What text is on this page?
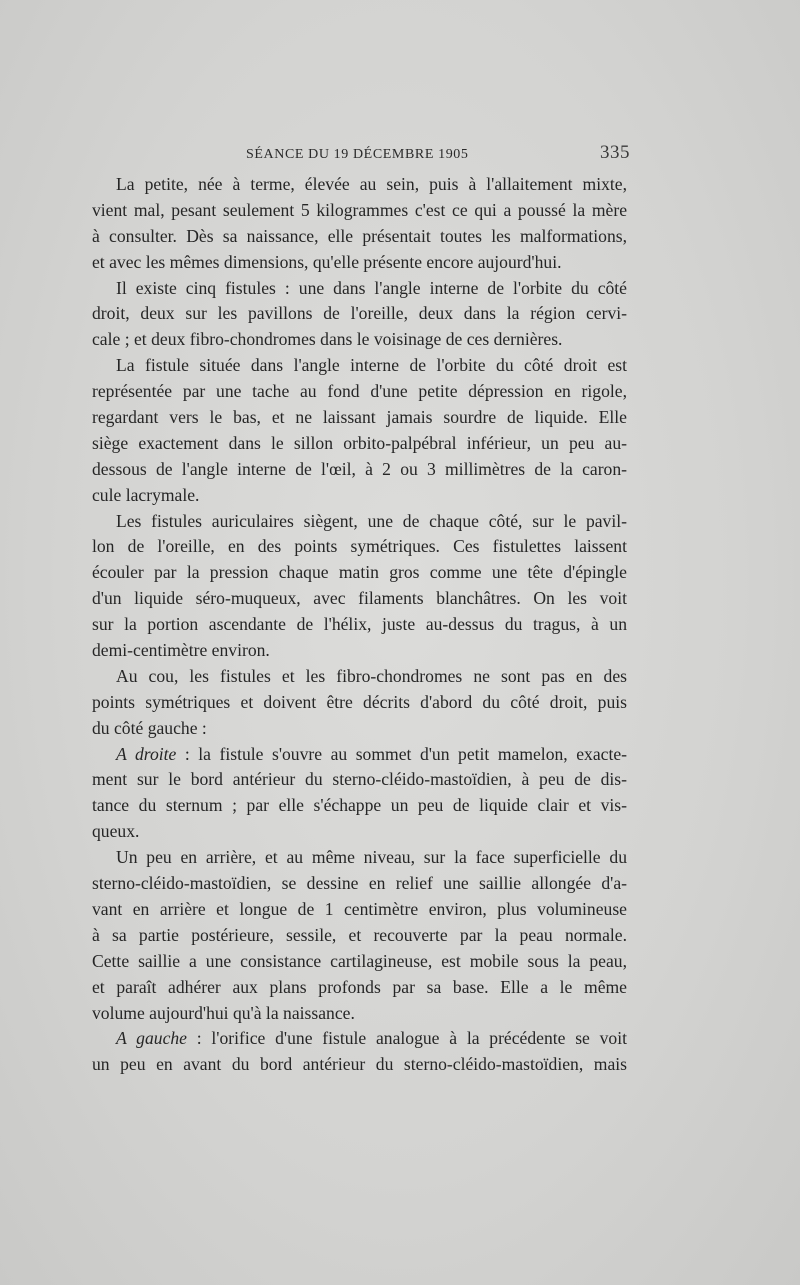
SÉANCE DU 19 DÉCEMBRE 1905	335

La petite, née à terme, élevée au sein, puis à l'allaitement mixte,
vient mal, pesant seulement 5 kilogrammes c'est ce qui a poussé la mère
à consulter. Dès sa naissance, elle présentait toutes les malformations,
et avec les mêmes dimensions, qu'elle présente encore aujourd'hui.

Il existe cinq fistules : une dans l'angle interne de l'orbite du côté
droit, deux sur les pavillons de l'oreille, deux dans la région cervi-
cale ; et deux fibro-chondromes dans le voisinage de ces dernières.

La fistule située dans l'angle interne de l'orbite du côté droit est
représentée par une tache au fond d'une petite dépression en rigole,
regardant vers le bas, et ne laissant jamais sourdre de liquide. Elle
siège exactement dans le sillon orbito-palpébral inférieur, un peu au-
dessous de l'angle interne de l'œil, à 2 ou 3 millimètres de la caron-
cule lacrymale.

Les fistules auriculaires siègent, une de chaque côté, sur le pavil-
lon de l'oreille, en des points symétriques. Ces fistulettes laissent
écouler par la pression chaque matin gros comme une tête d'épingle
d'un liquide séro-muqueux, avec filaments blanchâtres. On les voit
sur la portion ascendante de l'hélix, juste au-dessus du tragus, à un
demi-centimètre environ.

Au cou, les fistules et les fibro-chondromes ne sont pas en des
points symétriques et doivent être décrits d'abord du côté droit, puis
du côté gauche :

A droite : la fistule s'ouvre au sommet d'un petit mamelon, exacte-
ment sur le bord antérieur du sterno-cléido-mastoïdien, à peu de dis-
tance du sternum ; par elle s'échappe un peu de liquide clair et vis-
queux.

Un peu en arrière, et au même niveau, sur la face superficielle du
sterno-cléido-mastoïdien, se dessine en relief une saillie allongée d'a-
vant en arrière et longue de 1 centimètre environ, plus volumineuse
à sa partie postérieure, sessile, et recouverte par la peau normale.
Cette saillie a une consistance cartilagineuse, est mobile sous la peau,
et paraît adhérer aux plans profonds par sa base. Elle a le même
volume aujourd'hui qu'à la naissance.

A gauche : l'orifice d'une fistule analogue à la précédente se voit
un peu en avant du bord antérieur du sterno-cléido-mastoïdien, mais
